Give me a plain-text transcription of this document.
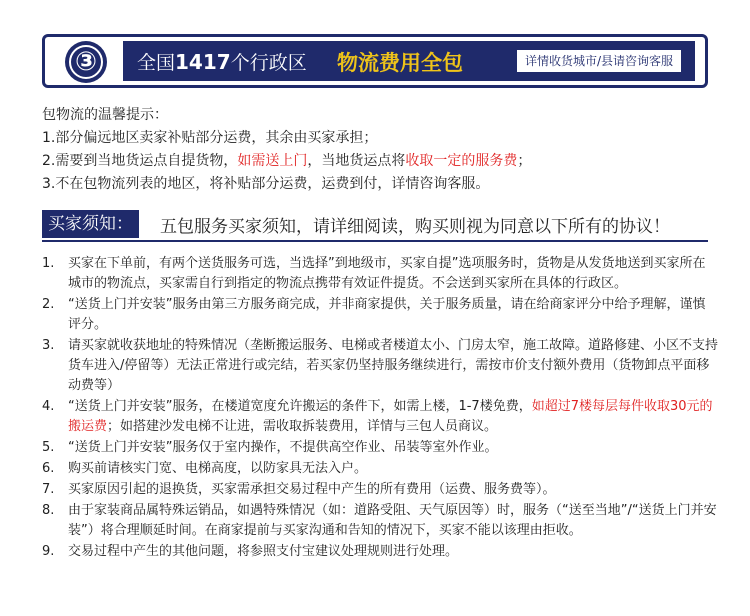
③	全国1417个行政区 物流费用全包	详情收货城市/县请咨询客服
包物流的温馨提示：
1.部分偏远地区卖家补贴部分运费，其余由买家承担；
2.需要到当地货运点自提货物，如需送上门，当地货运点将收取一定的服务费；
3.不在包物流列表的地区，将补贴部分运费，运费到付，详情咨询客服。
买家须知：	五包服务买家须知，请详细阅读，购买则视为同意以下所有的协议！
1.	买家在下单前，有两个送货服务可选，当选择”到地级市，买家自提”选项服务时，货物是从发货地送到买家所在城市的物流点，买家需自行到指定的物流点携带有效证件提货。不会送到买家所在具体的行政区。
2.	“送货上门并安装”服务由第三方服务商完成，并非商家提供，关于服务质量，请在给商家评分中给予理解，谨慎评分。
3.	请买家就收获地址的特殊情况（垄断搬运服务、电梯或者楼道太小、门房太窄，施工故障。道路修建、小区不支持货车进入/停留等）无法正常进行或完结，若买家仍坚持服务继续进行，需按市价支付额外费用（货物卸点平面移动费等）
4.	“送货上门并安装”服务，在楼道宽度允许搬运的条件下，如需上楼，1-7楼免费，如超过7楼每层每件收取30元的搬运费；如搭建沙发电梯不让进，需收取拆装费用，详情与三包人员商议。
5.	“送货上门并安装”服务仅于室内操作，不提供高空作业、吊装等室外作业。
6.	购买前请核实门宽、电梯高度，以防家具无法入户。
7.	买家原因引起的退换货，买家需承担交易过程中产生的所有费用（运费、服务费等）。
8.	由于家装商品属特殊运销品，如遇特殊情况（如：道路受阻、天气原因等）时，服务（“送至当地”/“送货上门并安装”）将合理顺延时间。在商家提前与买家沟通和告知的情况下，买家不能以该理由拒收。
9.	交易过程中产生的其他问题，将参照支付宝建议处理规则进行处理。
